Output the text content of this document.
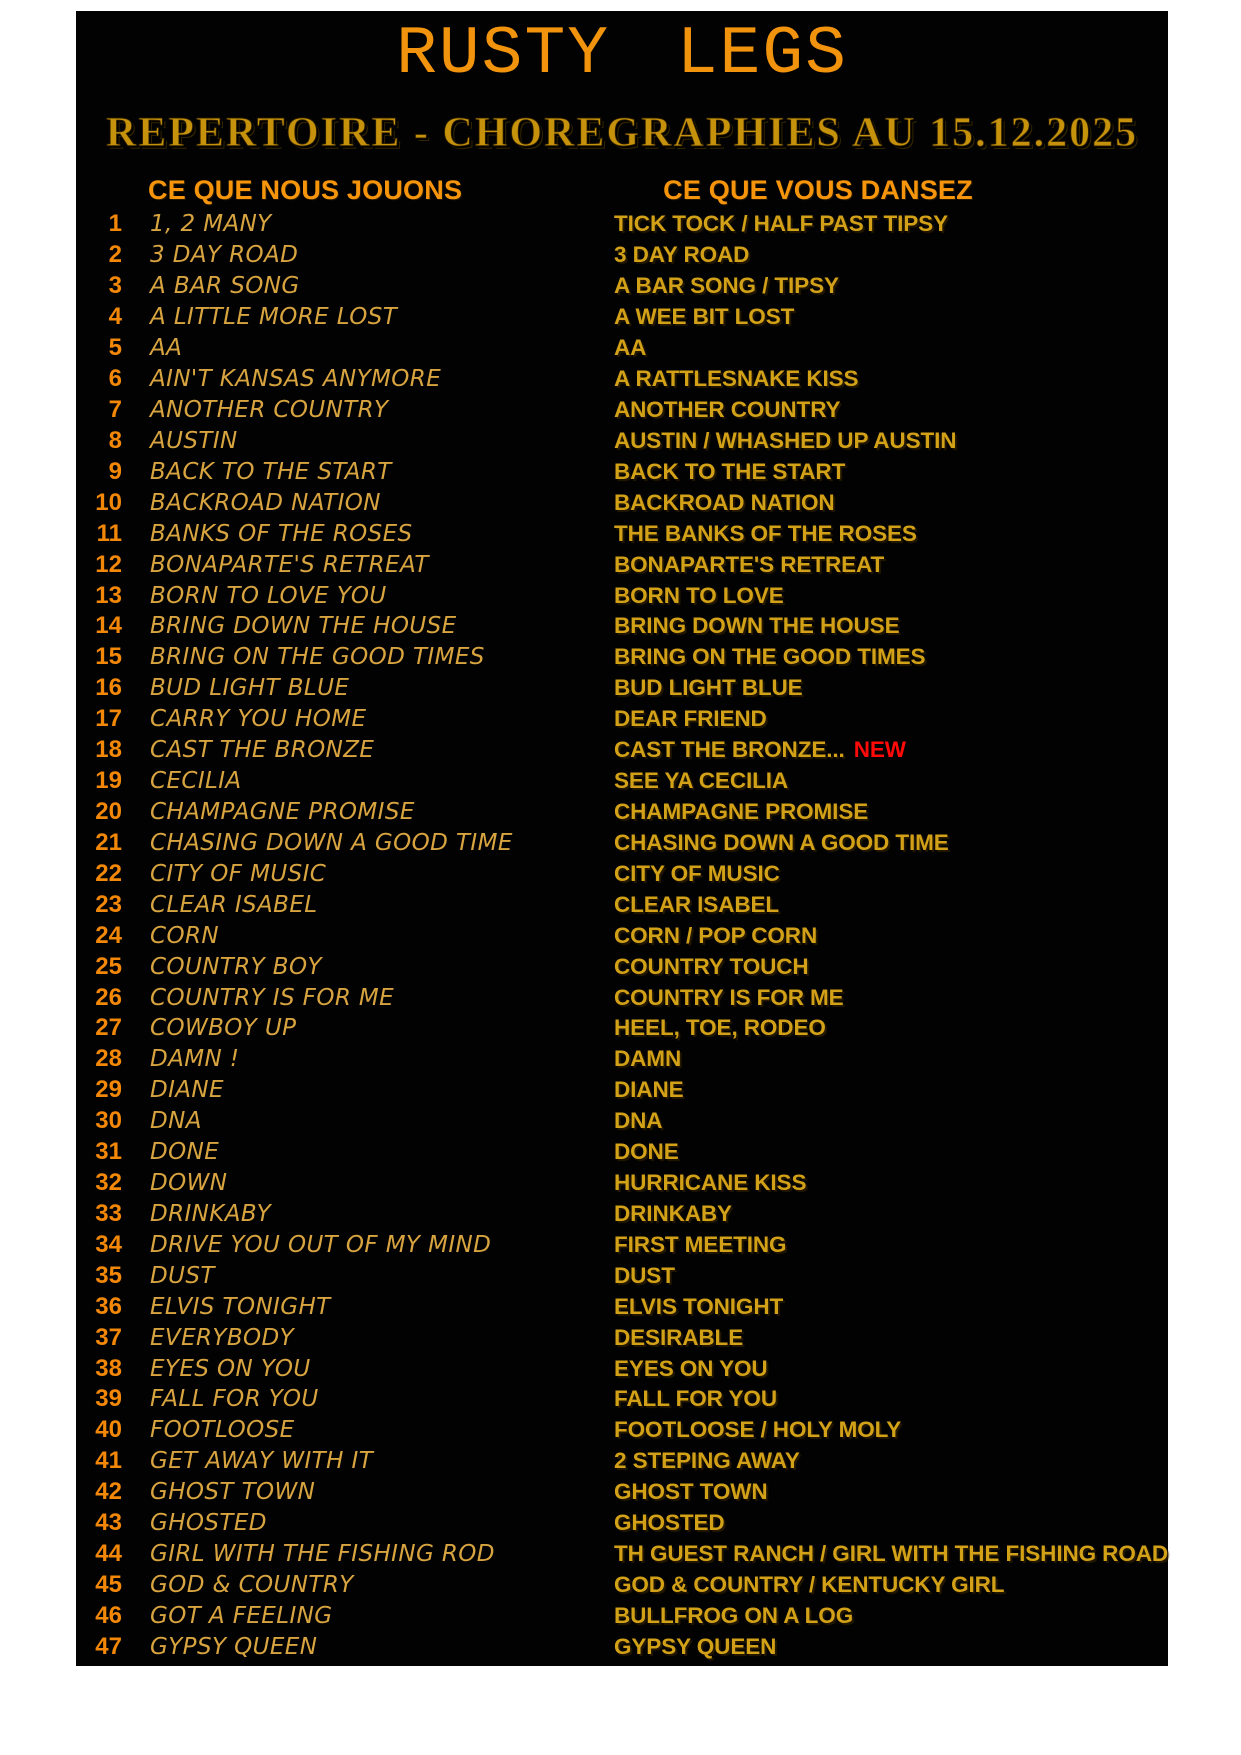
RUSTY LEGS
REPERTOIRE - CHOREGRAPHIES AU 15.12.2025
CE QUE NOUS JOUONS	CE QUE VOUS DANSEZ
1	1, 2 MANY	TICK TOCK / HALF PAST TIPSY
2	3 DAY ROAD	3 DAY ROAD
3	A BAR SONG	A BAR SONG / TIPSY
4	A LITTLE MORE LOST	A WEE BIT LOST
5	AA	AA
6	AIN'T KANSAS ANYMORE	A RATTLESNAKE KISS
7	ANOTHER COUNTRY	ANOTHER COUNTRY
8	AUSTIN	AUSTIN / WHASHED UP AUSTIN
9	BACK TO THE START	BACK TO THE START
10	BACKROAD NATION	BACKROAD NATION
11	BANKS OF THE ROSES	THE BANKS OF THE ROSES
12	BONAPARTE'S RETREAT	BONAPARTE'S RETREAT
13	BORN TO LOVE YOU	BORN TO LOVE
14	BRING DOWN THE HOUSE	BRING DOWN THE HOUSE
15	BRING ON THE GOOD TIMES	BRING ON THE GOOD TIMES
16	BUD LIGHT BLUE	BUD LIGHT BLUE
17	CARRY YOU HOME	DEAR FRIEND
18	CAST THE BRONZE	CAST THE BRONZE... NEW
19	CECILIA	SEE YA CECILIA
20	CHAMPAGNE PROMISE	CHAMPAGNE PROMISE
21	CHASING DOWN A GOOD TIME	CHASING DOWN A GOOD TIME
22	CITY OF MUSIC	CITY OF MUSIC
23	CLEAR ISABEL	CLEAR ISABEL
24	CORN	CORN / POP CORN
25	COUNTRY BOY	COUNTRY TOUCH
26	COUNTRY IS FOR ME	COUNTRY IS FOR ME
27	COWBOY UP	HEEL, TOE, RODEO
28	DAMN !	DAMN
29	DIANE	DIANE
30	DNA	DNA
31	DONE	DONE
32	DOWN	HURRICANE KISS
33	DRINKABY	DRINKABY
34	DRIVE YOU OUT OF MY MIND	FIRST MEETING
35	DUST	DUST
36	ELVIS TONIGHT	ELVIS TONIGHT
37	EVERYBODY	DESIRABLE
38	EYES ON YOU	EYES ON YOU
39	FALL FOR YOU	FALL FOR YOU
40	FOOTLOOSE	FOOTLOOSE / HOLY MOLY
41	GET AWAY WITH IT	2 STEPING AWAY
42	GHOST TOWN	GHOST TOWN
43	GHOSTED	GHOSTED
44	GIRL WITH THE FISHING ROD	TH GUEST RANCH / GIRL WITH THE FISHING ROAD
45	GOD & COUNTRY	GOD & COUNTRY / KENTUCKY GIRL
46	GOT A FEELING	BULLFROG ON A LOG
47	GYPSY QUEEN	GYPSY QUEEN
